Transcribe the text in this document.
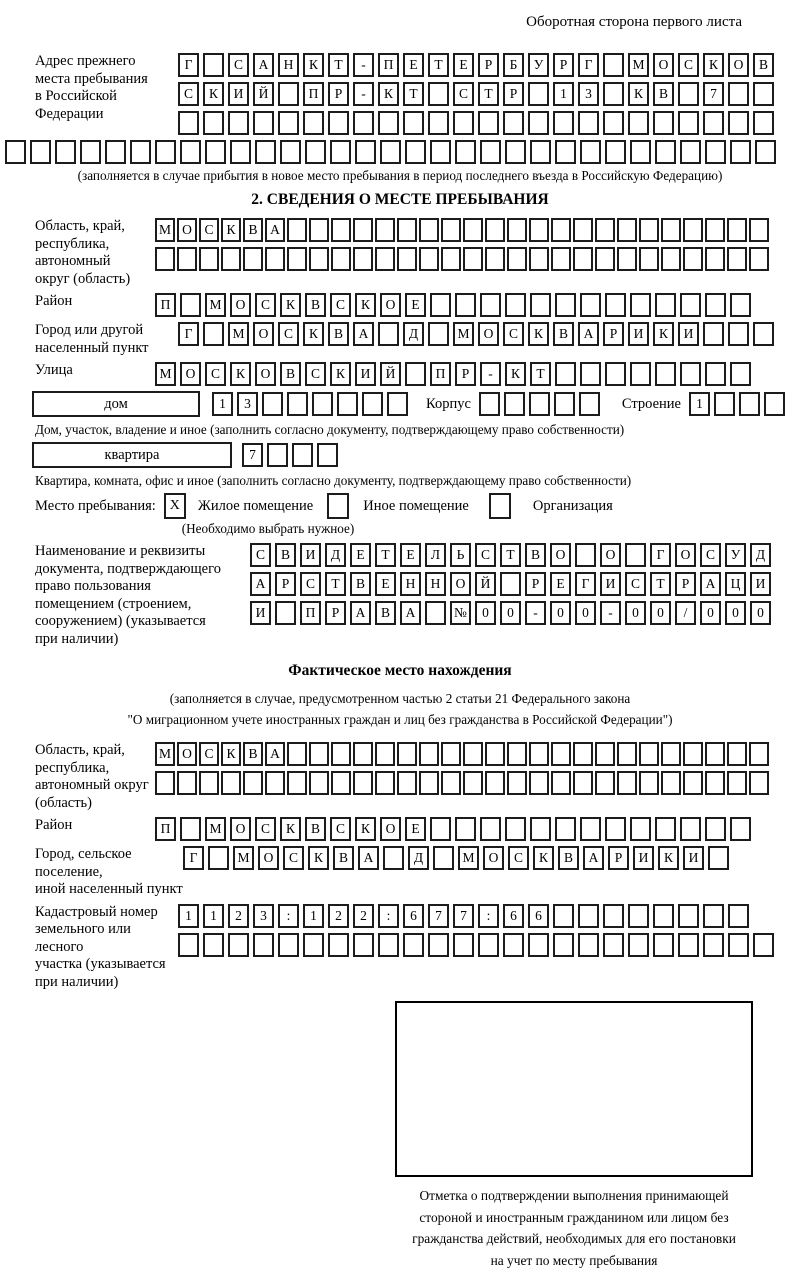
Оборотная сторона первого листа
Адрес прежнего
места пребывания
в Российской
Федерации
Г	С	А	Н	К	Т	-	П	Е	Т	Е	Р	Б	У	Р	Г	М	О	С	К	О	В
С	К	И	Й	П	Р	-	К	Т	С	Т	Р	1	3	К	В	7
(заполняется в случае прибытия в новое место пребывания в период последнего въезда в Российскую Федерацию)
2. СВЕДЕНИЯ О МЕСТЕ ПРЕБЫВАНИЯ
Область, край,
республика,
автономный
округ (область)
М О С К В А
Район	П	М	О	С	К	В	С	К	О	Е
Город или другой
населенный пункт
Г	М	О	С	К	В	А	Д	М	О	С	К	В	А	Р	И	К	И
Улица	М	О	С	К	О	В	С	К	И	Й	П	Р	-	К	Т
дом	1	3	Корпус	Строение	1
Дом, участок, владение и иное (заполнить согласно документу, подтверждающему право собственности)
квартира	7
Квартира, комната, офис и иное (заполнить согласно документу, подтверждающему право собственности)
Место пребывания: X	Жилое помещение	Иное помещение	Организация
(Необходимо выбрать нужное)
Наименование и реквизиты
документа, подтверждающего
право пользования
помещением (строением,
сооружением) (указывается
при наличии)
С	В	И	Д	Е	Т	Е	Л	Ь	С	Т	В	О	О	Г	О	С	У	Д
А	Р	С	Т	В	Е	Н	Н	О	Й	Р	Е	Г	И	С	Т	Р	А	Ц	И
И	П	Р	А	В	А	№	0	0	-	0	0	-	0	0	/	0	0	0
Фактическое место нахождения
(заполняется в случае, предусмотренном частью 2 статьи 21 Федерального закона
"О миграционном учете иностранных граждан и лиц без гражданства в Российской Федерации")
Область, край,
республика,
автономный округ
(область)
М О С К В А
Район	П	М	О	С	К	В	С	К	О	Е
Город, сельское поселение,
иной населенный пункт
Г	М	О	С	К	В	А	Д	М	О	С	К	В	А	Р	И	К	И
Кадастровый номер
земельного или лесного
участка (указывается
при наличии)
1	1	2	3	:	1	2	2	:	6	7	7	:	6	6
Отметка о подтверждении выполнения принимающей
стороной и иностранным гражданином или лицом без
гражданства действий, необходимых для его постановки
на учет по месту пребывания
